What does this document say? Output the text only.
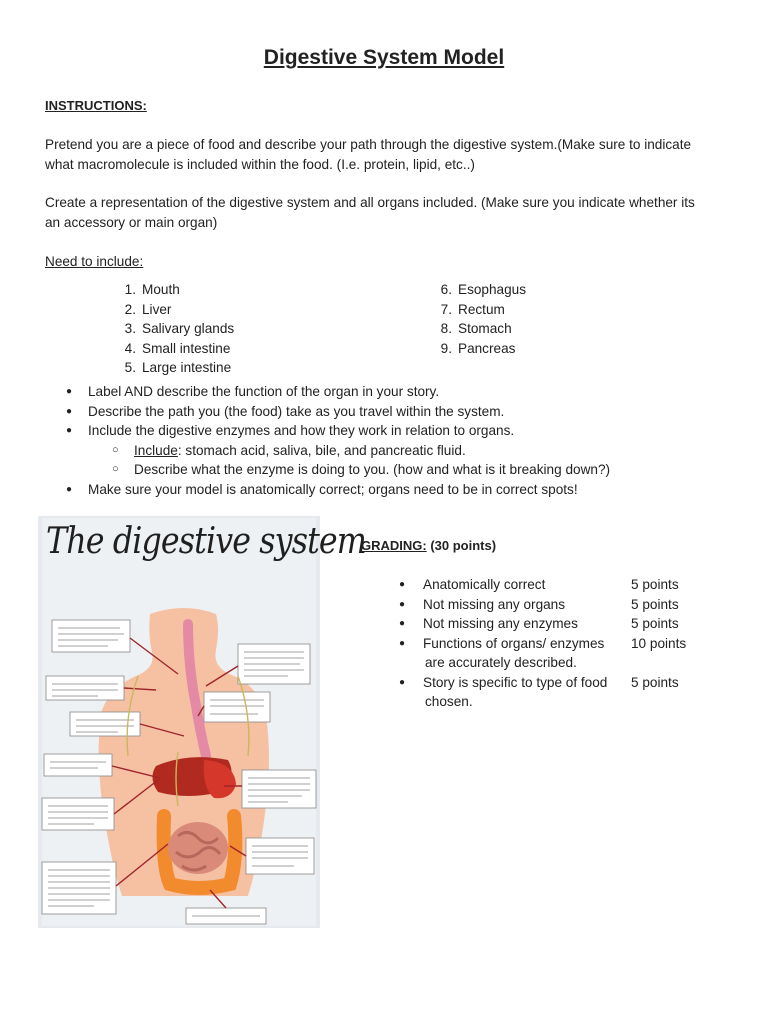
Digestive System Model
INSTRUCTIONS:
Pretend you are a piece of food and describe your path through the digestive system.(Make sure to indicate
what macromolecule is included within the food. (I.e. protein, lipid, etc..)
Create a representation of the digestive system and all organs included. (Make sure you indicate whether its
an accessory or main organ)
Need to include:
1. Mouth
2. Liver
3. Salivary glands
4. Small intestine
5. Large intestine
6. Esophagus
7. Rectum
8. Stomach
9. Pancreas
●	Label AND describe the function of the organ in your story.
●	Describe the path you (the food) take as you travel within the system.
●	Include the digestive enzymes and how they work in relation to organs.
○	Include: stomach acid, saliva, bile, and pancreatic fluid.
○	Describe what the enzyme is doing to you. (how and what is it breaking down?)
●	Make sure your model is anatomically correct; organs need to be in correct spots!
The digestive system
GRADING: (30 points)
●	Anatomically correct	5 points
●	Not missing any organs	5 points
●	Not missing any enzymes	5 points
●	Functions of organs/ enzymes	10 points
are accurately described.
●	Story is specific to type of food	5 points
chosen.
